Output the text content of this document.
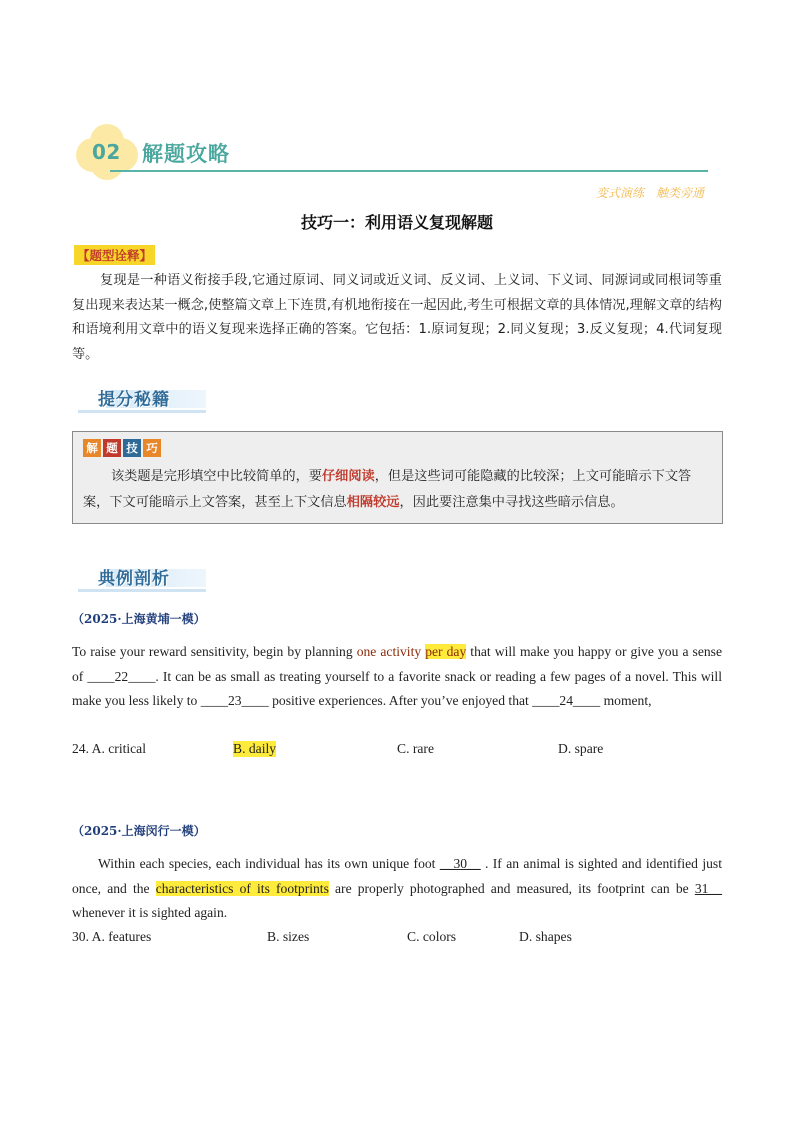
02 解题攻略
变式演练 触类旁通
技巧一：利用语义复现解题
【题型诠释】
复现是一种语义衔接手段,它通过原词、同义词或近义词、反义词、上义词、下义词、同源词或同根词等重复出现来表达某一概念,使整篇文章上下连贯,有机地衔接在一起因此,考生可根据文章的具体情况,理解文章的结构和语境利用文章中的语义复现来选择正确的答案。它包括：1.原词复现；2.同义复现；3.反义复现；4.代词复现等。
提分秘籍
解 题 技 巧
该类题是完形填空中比较简单的，要仔细阅读，但是这些词可能隐藏的比较深；上文可能暗示下文答案，下文可能暗示上文答案，甚至上下文信息相隔较远，因此要注意集中寻找这些暗示信息。
典例剖析
（2025·上海黄埔一模）
To raise your reward sensitivity, begin by planning one activity per day that will make you happy or give you a sense of ____22____. It can be as small as treating yourself to a favorite snack or reading a few pages of a novel. This will make you less likely to ____23____ positive experiences. After you’ve enjoyed that ____24____ moment,
24. A. critical	B. daily	C. rare	D. spare
（2025·上海闵行一模）
Within each species, each individual has its own unique foot __30__ . If an animal is sighted and identified just once, and the characteristics of its footprints are properly photographed and measured, its footprint can be 31__ whenever it is sighted again.
30. A. features	B. sizes	C. colors	D. shapes
